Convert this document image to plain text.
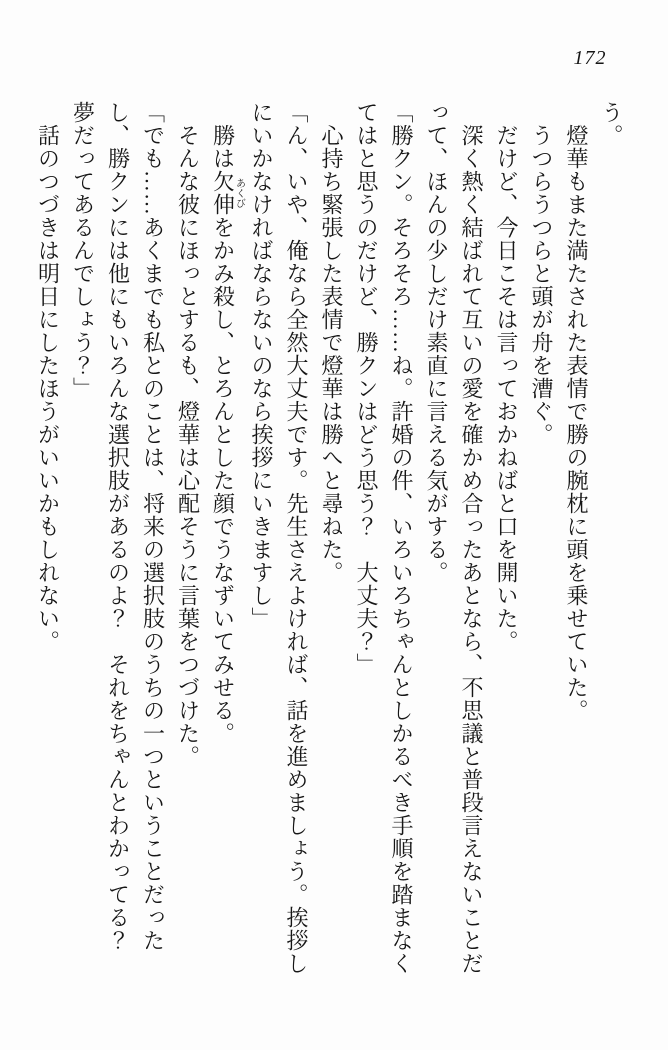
172

う。

　燈華もまた満たされた表情で勝の腕枕に頭を乗せていた。

　うつらうつらと頭が舟を漕ぐ。

　だけど、今日こそは言っておかねばと口を開いた。

　深く熱く結ばれて互いの愛を確かめ合ったあとなら、不思議と普段言えないことだって、ほんの少しだけ素直に言える気がする。

「勝クン。そろそろ……ね。許婚の件、いろいろちゃんとしかるべき手順を踏まなくてはと思うのだけど、勝クンはどう思う？　大丈夫？」

　心持ち緊張した表情で燈華は勝へと尋ねた。

「ん、いや、俺なら全然大丈夫です。先生さえよければ、話を進めましょう。挨拶しにいかなければならないのなら挨拶にいきますし」

　勝は欠伸あくびをかみ殺し、とろんとした顔でうなずいてみせる。

　そんな彼にほっとするも、燈華は心配そうに言葉をつづけた。

「でも……あくまでも私とのことは、将来の選択肢のうちの一つということだったし、勝クンには他にもいろんな選択肢があるのよ？　それをちゃんとわかってる？　夢だってあるんでしょう？」

　話のつづきは明日にしたほうがいいかもしれない。
